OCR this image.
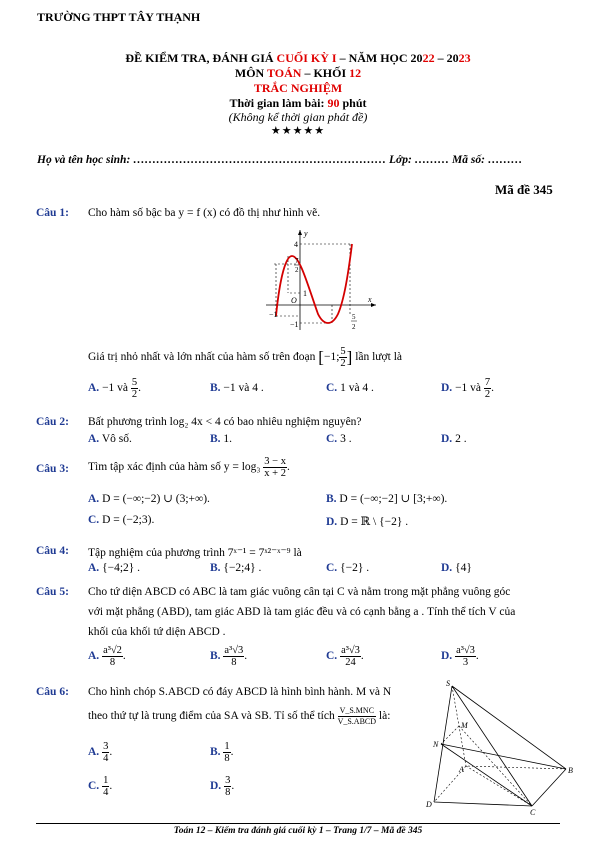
TRƯỜNG THPT TÂY THẠNH
ĐỀ KIỂM TRA, ĐÁNH GIÁ CUỐI KỲ I – NĂM HỌC 2022 – 2023
MÔN TOÁN – KHỐI 12
TRẮC NGHIỆM
Thời gian làm bài: 90 phút
(Không kể thời gian phát đề)
★★★★★
Họ và tên học sinh: ………………………………………………………… Lớp: ……… Mã số: ………
Mã đề 345
Câu 1: Cho hàm số bậc ba y = f (x) có đồ thị như hình vẽ.
y
x
O
4
7
2
1
−1
−1
5
2
Giá trị nhỏ nhất và lớn nhất của hàm số trên đoạn [−1; $\frac{5}{2}$ ] lần lượt là
A. −1 và $\frac{5}{2}$ .	B. −1 và 4 .	C. 1 và 4 .	D. −1 và $\frac{7}{2}$ .
Câu 2: Bất phương trình log₂ 4x < 4 có bao nhiêu nghiệm nguyên?
A. Vô số.	B. 1.	C. 3 .	D. 2 .
Câu 3: Tìm tập xác định của hàm số $y = \log_3 \frac{3 - x}{x + 2}$ .
A. D = (−∞;−2) ∪ (3;+∞).	B. D = (−∞;−2] ∪ [3;+∞).
C. D = (−2;3).	D. D = ℝ \ {−2} .
Câu 4: Tập nghiệm của phương trình 7ˣ⁻¹ = 7ˣ²⁻ˣ⁻⁹ là
A. {−4;2} .	B. {−2;4} .	C. {−2} .	D. {4}
Câu 5: Cho tứ diện ABCD có ABC là tam giác vuông cân tại C và nằm trong mặt phẳng vuông góc
với mặt phẳng (ABD), tam giác ABD là tam giác đều và có cạnh bằng a . Tính thể tích V của
khối của khối tứ diện ABCD .
A. $\frac{\text{a³√2}}{8}$ .	B. $\frac{\text{a³√3}}{8}$ .	C. $\frac{\text{a³√3}}{24}$ .	D. $\frac{\text{a³√3}}{3}$ .
Câu 6: Cho hình chóp S.ABCD có đáy ABCD là hình bình hành. M và N
theo thứ tự là trung điểm của SA và SB. Tỉ số thể tích $\frac{\text{V\_S.MNC}}{\text{V\_S.ABCD}}$ là:
A. $\frac{3}{4}$ .	B. $\frac{1}{8}$ .
C. $\frac{1}{4}$ .	D. $\frac{3}{8}$ .
S
M
N
A	B
C
D
Toán 12 – Kiểm tra đánh giá cuối kỳ 1 – Trang 1/7 – Mã đề 345
